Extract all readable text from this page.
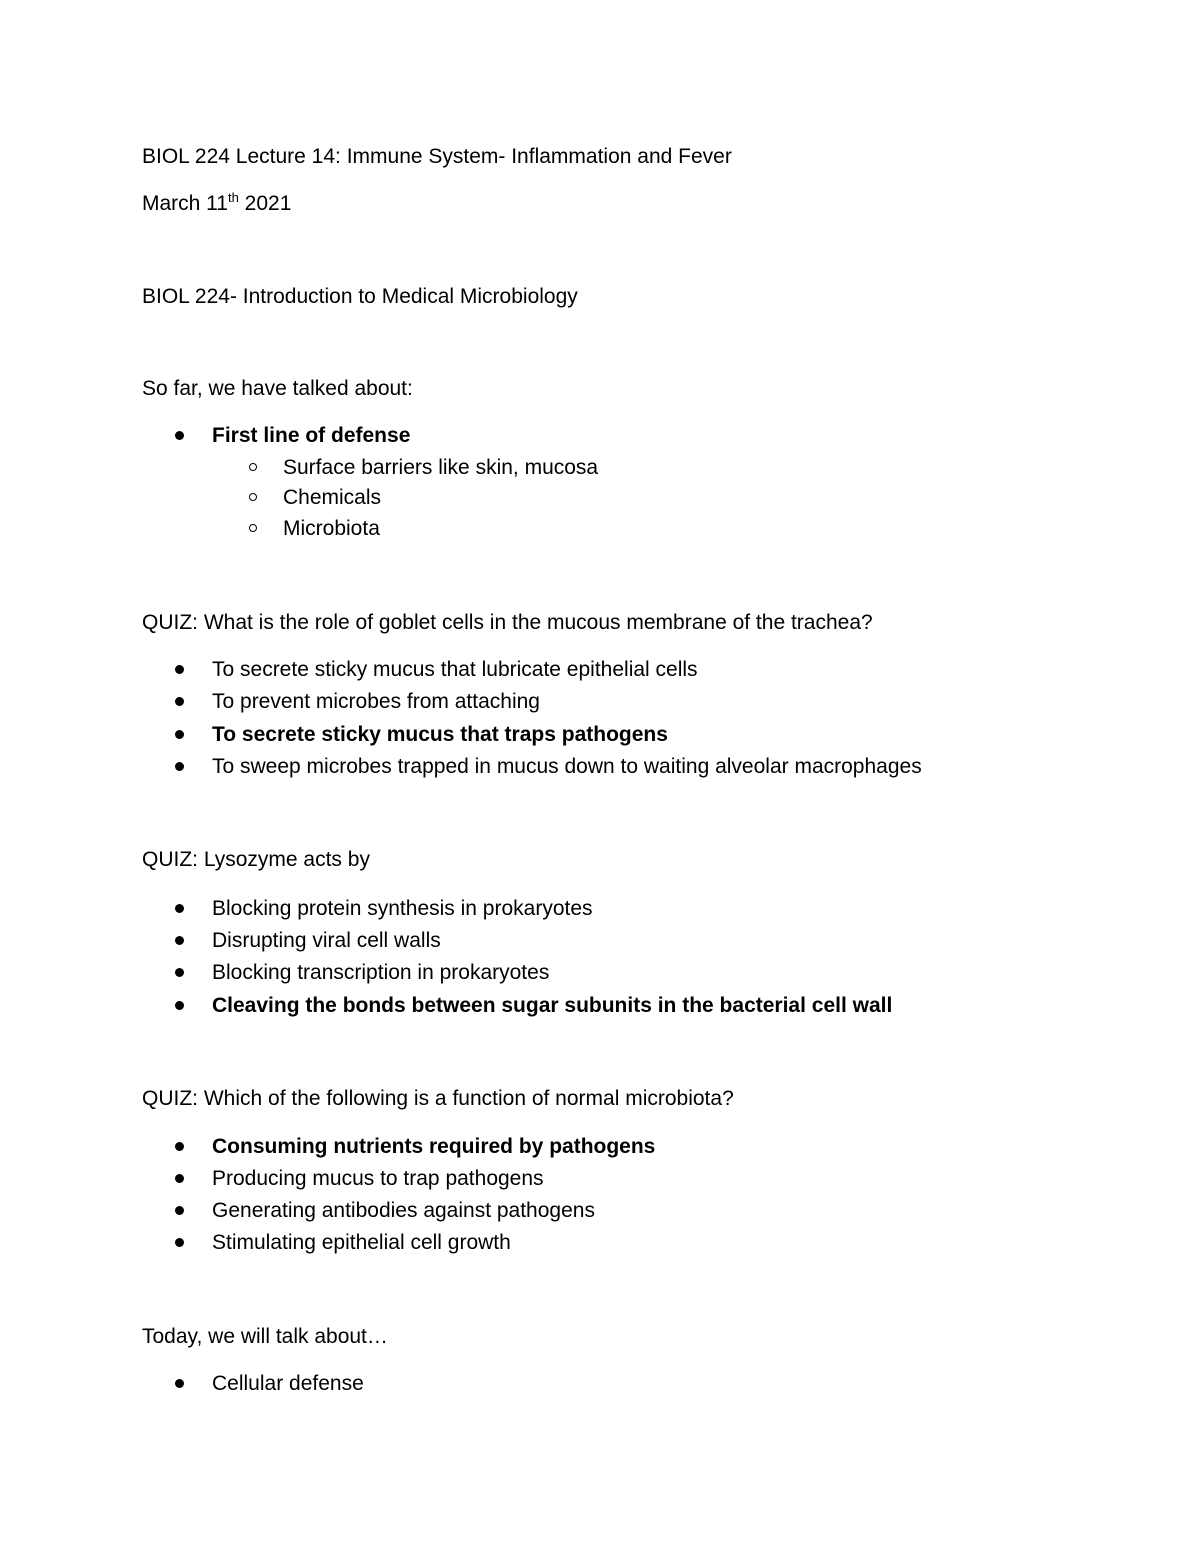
BIOL 224 Lecture 14: Immune System- Inflammation and Fever
March 11th 2021
BIOL 224- Introduction to Medical Microbiology
So far, we have talked about:
First line of defense
Surface barriers like skin, mucosa
Chemicals
Microbiota
QUIZ: What is the role of goblet cells in the mucous membrane of the trachea?
To secrete sticky mucus that lubricate epithelial cells
To prevent microbes from attaching
To secrete sticky mucus that traps pathogens
To sweep microbes trapped in mucus down to waiting alveolar macrophages
QUIZ: Lysozyme acts by
Blocking protein synthesis in prokaryotes
Disrupting viral cell walls
Blocking transcription in prokaryotes
Cleaving the bonds between sugar subunits in the bacterial cell wall
QUIZ: Which of the following is a function of normal microbiota?
Consuming nutrients required by pathogens
Producing mucus to trap pathogens
Generating antibodies against pathogens
Stimulating epithelial cell growth
Today, we will talk about…
Cellular defense
